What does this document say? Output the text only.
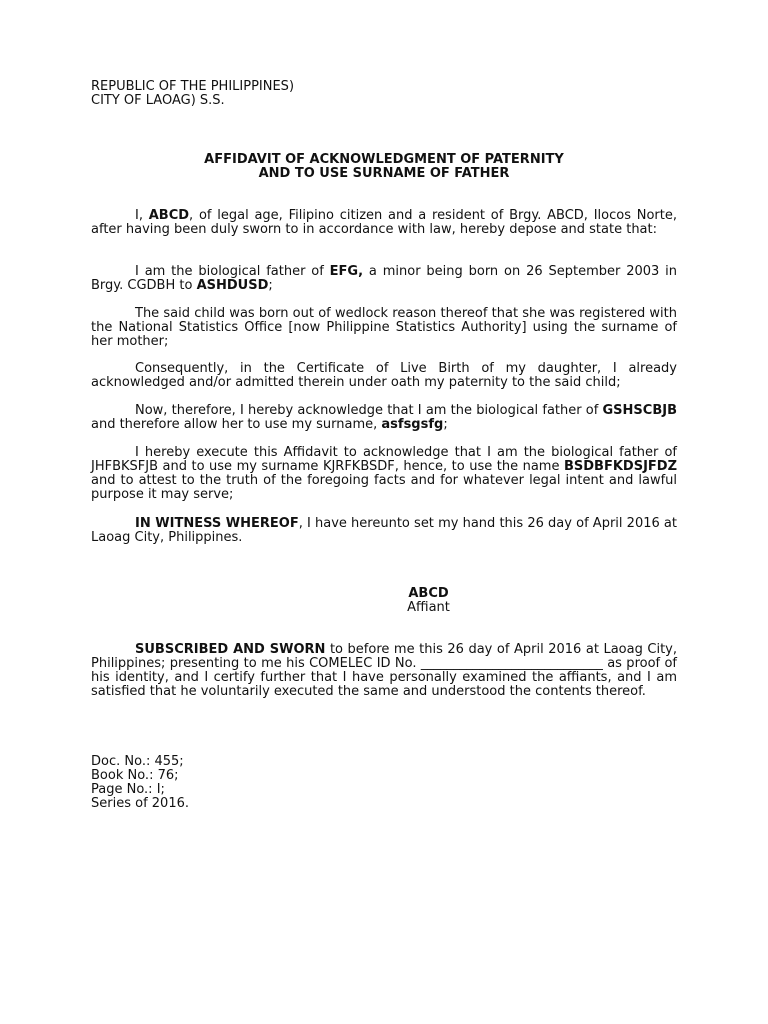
REPUBLIC OF THE PHILIPPINES)
CITY OF LAOAG) S.S.
AFFIDAVIT OF ACKNOWLEDGMENT OF PATERNITY
AND TO USE SURNAME OF FATHER
I, ABCD, of legal age, Filipino citizen and a resident of Brgy. ABCD, Ilocos Norte, after having been duly sworn to in accordance with law, hereby depose and state that:
I am the biological father of EFG, a minor being born on 26 September 2003 in Brgy. CGDBH to ASHDUSD;
The said child was born out of wedlock reason thereof that she was registered with the National Statistics Office [now Philippine Statistics Authority] using the surname of her mother;
Consequently, in the Certificate of Live Birth of my daughter, I already acknowledged and/or admitted therein under oath my paternity to the said child;
Now, therefore, I hereby acknowledge that I am the biological father of GSHSCBJB and therefore allow her to use my surname, asfsgsfg;
I hereby execute this Affidavit to acknowledge that I am the biological father of JHFBKSFJB and to use my surname KJRFKBSDF, hence, to use the name BSDBFKDSJFDZ and to attest to the truth of the foregoing facts and for whatever legal intent and lawful purpose it may serve;
IN WITNESS WHEREOF, I have hereunto set my hand this 26 day of April 2016 at Laoag City, Philippines.
ABCD
Affiant
SUBSCRIBED AND SWORN to before me this 26 day of April 2016 at Laoag City, Philippines; presenting to me his COMELEC ID No. ____________________________ as proof of his identity, and I certify further that I have personally examined the affiants, and I am satisfied that he voluntarily executed the same and understood the contents thereof.
Doc. No.: 455;
Book No.: 76;
Page No.: I;
Series of 2016.
